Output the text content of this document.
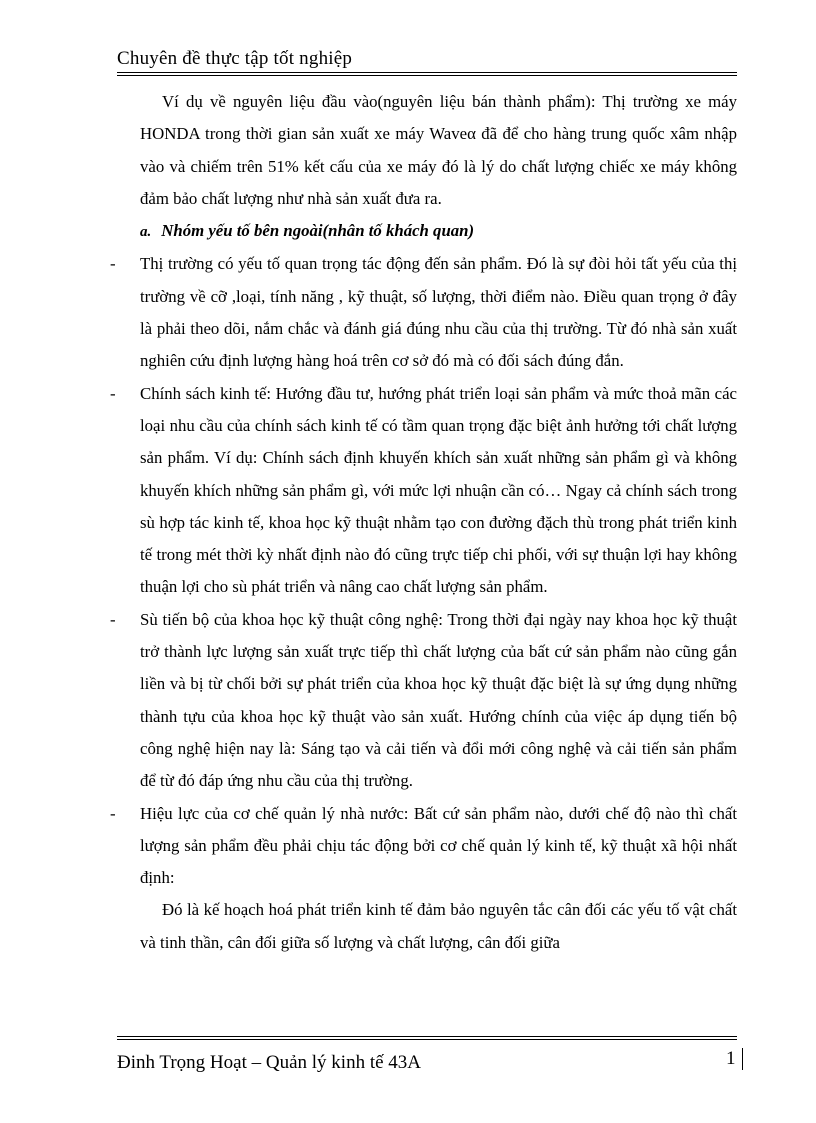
Chuyên đề thực tập tốt nghiệp

Ví dụ về nguyên liệu đầu vào(nguyên liệu bán thành phẩm): Thị trường xe máy HONDA trong thời gian sản xuất xe máy Waveα đã để cho hàng trung quốc xâm nhập vào và chiếm trên 51% kết cấu của xe máy đó là lý do chất lượng chiếc xe máy không đảm bảo chất lượng như nhà sản xuất đưa ra.

a. Nhóm yếu tố bên ngoài(nhân tố khách quan)

- Thị trường có yếu tố quan trọng tác động đến sản phẩm. Đó là sự đòi hỏi tất yếu của thị trường về cỡ ,loại, tính năng , kỹ thuật, số lượng, thời điểm nào. Điều quan trọng ở đây là phải theo dõi, nắm chắc và đánh giá đúng nhu cầu của thị trường. Từ đó nhà sản xuất nghiên cứu định lượng hàng hoá trên cơ sở đó mà có đối sách đúng đắn.

- Chính sách kinh tế: Hướng đầu tư, hướng phát triển loại sản phẩm và mức thoả mãn các loại nhu cầu của chính sách kinh tế có tầm quan trọng đặc biệt ảnh hưởng tới chất lượng sản phẩm. Ví dụ: Chính sách định khuyến khích sản xuất những sản phẩm gì và không khuyến khích những sản phẩm gì, với mức lợi nhuận cần có… Ngay cả chính sách trong sù hợp tác kinh tế, khoa học kỹ thuật nhằm tạo con đường đặch thù trong phát triển kinh tế trong mét thời kỳ nhất định nào đó cũng trực tiếp chi phối, với sự thuận lợi hay không thuận lợi cho sù phát triển và nâng cao chất lượng sản phẩm.

- Sù tiến bộ của khoa học kỹ thuật công nghệ: Trong thời đại ngày nay khoa học kỹ thuật trở thành lực lượng sản xuất trực tiếp thì chất lượng của bất cứ sản phẩm nào cũng gắn liền và bị từ chối bởi sự phát triển của khoa học kỹ thuật đặc biệt là sự ứng dụng những thành tựu của khoa học kỹ thuật vào sản xuất. Hướng chính của việc áp dụng tiến bộ công nghệ hiện nay là: Sáng tạo và cải tiến và đổi mới công nghệ và cải tiến sản phẩm để từ đó đáp ứng nhu cầu của thị trường.

- Hiệu lực của cơ chế quản lý nhà nước: Bất cứ sản phẩm nào, dưới chế độ nào thì chất lượng sản phẩm đều phải chịu tác động bởi cơ chế quản lý kinh tế, kỹ thuật xã hội nhất định:

Đó là kế hoạch hoá phát triển kinh tế đảm bảo nguyên tắc cân đối các yếu tố vật chất và tinh thần, cân đối giữa số lượng và chất lượng, cân đối giữa

Đinh Trọng Hoạt – Quản lý kinh tế 43A	1
